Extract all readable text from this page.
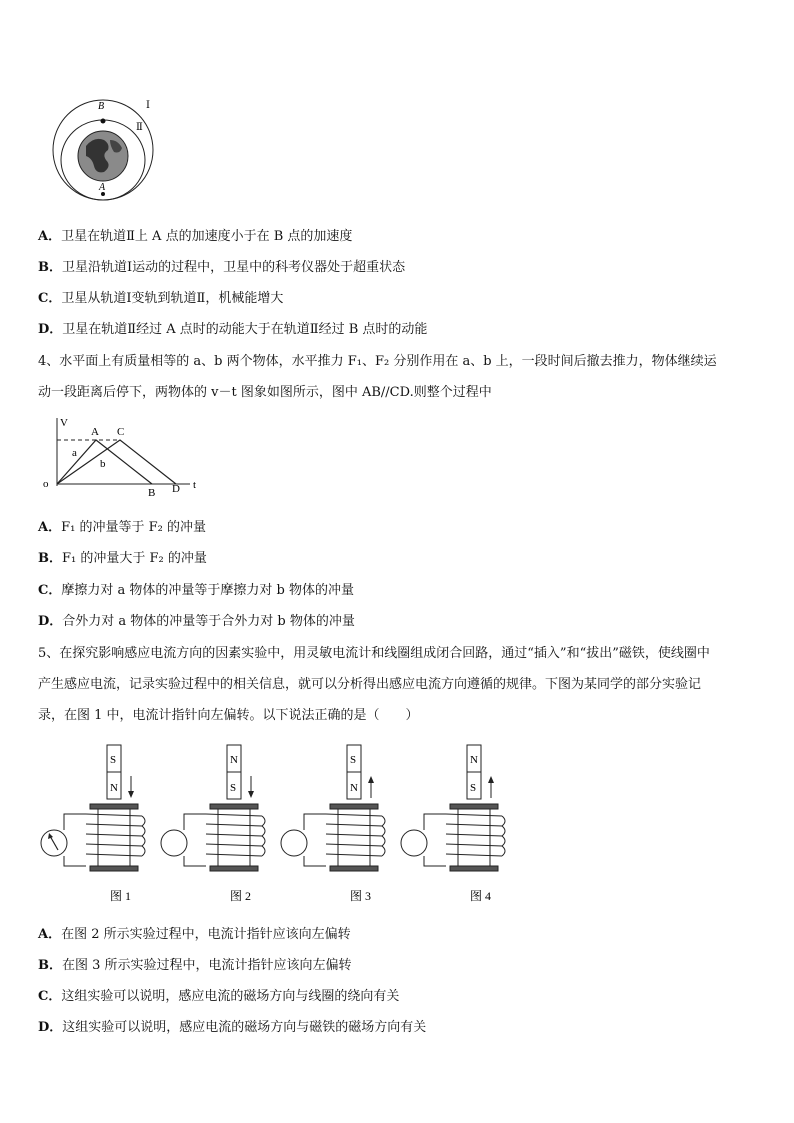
B
A
Ⅰ
Ⅱ
A．卫星在轨道Ⅱ上 A 点的加速度小于在 B 点的加速度
B．卫星沿轨道Ⅰ运动的过程中，卫星中的科考仪器处于超重状态
C．卫星从轨道Ⅰ变轨到轨道Ⅱ，机械能增大
D．卫星在轨道Ⅱ经过 A 点时的动能大于在轨道Ⅱ经过 B 点时的动能
4、水平面上有质量相等的 a、b 两个物体，水平推力 F₁、F₂ 分别作用在 a、b 上，一段时间后撤去推力，物体继续运
动一段距离后停下，两物体的 v－t 图象如图所示，图中 AB//CD.则整个过程中
V
t
o
A C
a
b
B D
A．F₁ 的冲量等于 F₂ 的冲量
B．F₁ 的冲量大于 F₂ 的冲量
C．摩擦力对 a 物体的冲量等于摩擦力对 b 物体的冲量
D．合外力对 a 物体的冲量等于合外力对 b 物体的冲量
5、在探究影响感应电流方向的因素实验中，用灵敏电流计和线圈组成闭合回路，通过“插入”和“拔出”磁铁，使线圈中
产生感应电流，记录实验过程中的相关信息，就可以分析得出感应电流方向遵循的规律。下图为某同学的部分实验记
录，在图 1 中，电流计指针向左偏转。以下说法正确的是（　　）
S
N
图 1
N
S
图 2
S
N
图 3
N
S
图 4
A．在图 2 所示实验过程中，电流计指针应该向左偏转
B．在图 3 所示实验过程中，电流计指针应该向左偏转
C．这组实验可以说明，感应电流的磁场方向与线圈的绕向有关
D．这组实验可以说明，感应电流的磁场方向与磁铁的磁场方向有关
